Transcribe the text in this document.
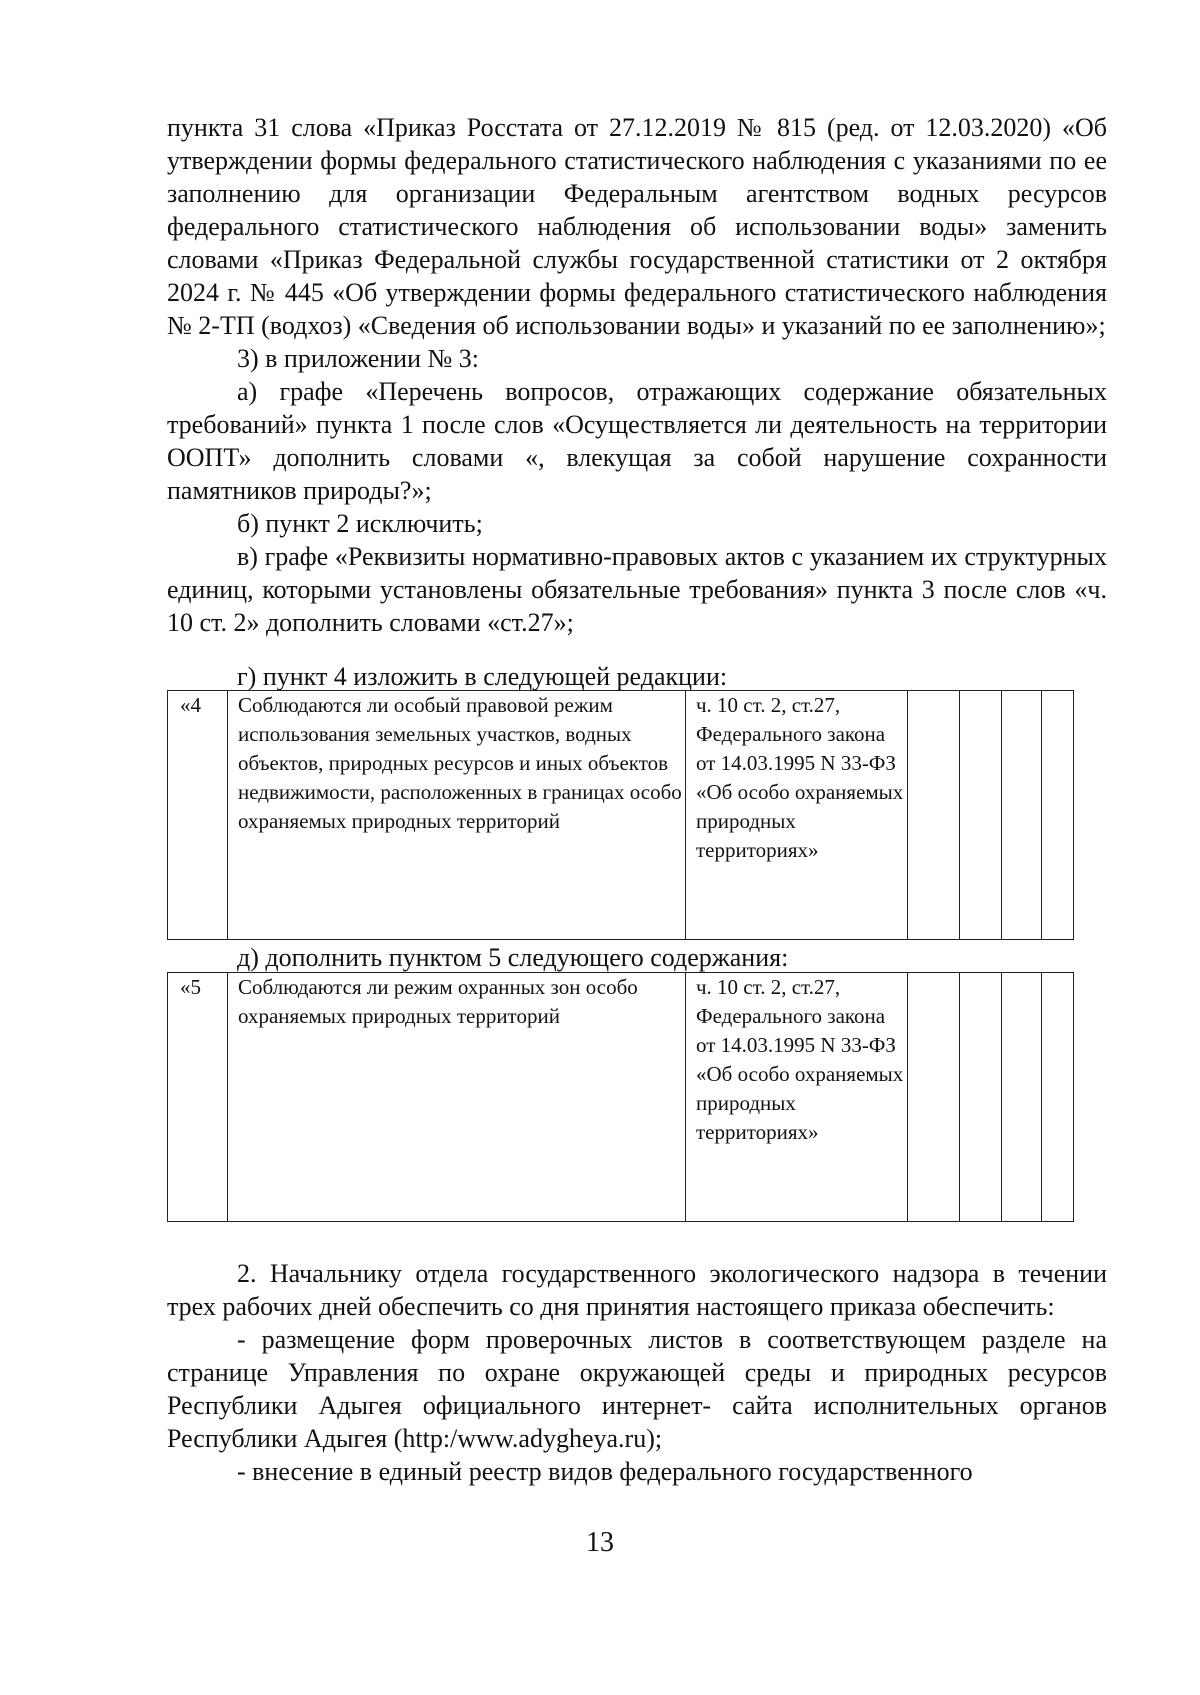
пункта 31 слова «Приказ Росстата от 27.12.2019 № 815 (ред. от 12.03.2020) «Об утверждении формы федерального статистического наблюдения с указаниями по ее заполнению для организации Федеральным агентством водных ресурсов федерального статистического наблюдения об использовании воды» заменить словами «Приказ Федеральной службы государственной статистики от 2 октября 2024 г. № 445 «Об утверждении формы федерального статистического наблюдения № 2-ТП (водхоз) «Сведения об использовании воды» и указаний по ее заполнению»;

3) в приложении № 3:

а) графе «Перечень вопросов, отражающих содержание обязательных требований» пункта 1 после слов «Осуществляется ли деятельность на территории ООПТ» дополнить словами «, влекущая за собой нарушение сохранности памятников природы?»;

б) пункт 2 исключить;

в) графе «Реквизиты нормативно-правовых актов с указанием их структурных единиц, которыми установлены обязательные требования» пункта 3 после слов «ч. 10 ст. 2» дополнить словами «ст.27»;

г) пункт 4 изложить в следующей редакции:
«4	Соблюдаются ли особый правовой режим использования земельных участков, водных объектов, природных ресурсов и иных объектов недвижимости, расположенных в границах особо охраняемых природных территорий	ч. 10 ст. 2, ст.27, Федерального закона от 14.03.1995 N 33-ФЗ «Об особо охраняемых природных территориях»				
д) дополнить пунктом 5 следующего содержания:
«5	Соблюдаются ли режим охранных зон особо охраняемых природных территорий	ч. 10 ст. 2, ст.27, Федерального закона от 14.03.1995 N 33-ФЗ «Об особо охраняемых природных территориях»				

2. Начальнику отдела государственного экологического надзора в течении трех рабочих дней обеспечить со дня принятия настоящего приказа обеспечить:

- размещение форм проверочных листов в соответствующем разделе на странице Управления по охране окружающей среды и природных ресурсов Республики Адыгея официального интернет- сайта исполнительных органов Республики Адыгея (http:/www.adygheya.ru);

- внесение в единый реестр видов федерального государственного

13
